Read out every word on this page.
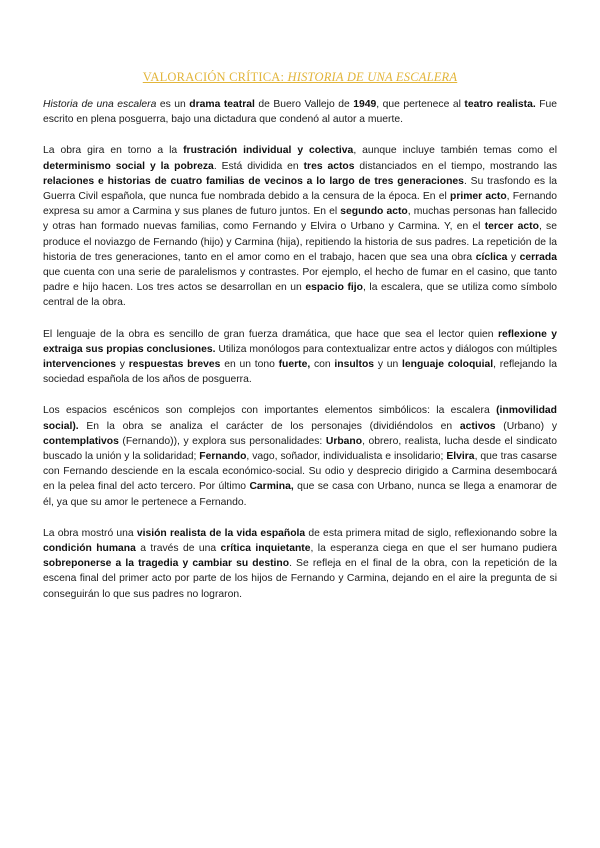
VALORACIÓN CRÍTICA: HISTORIA DE UNA ESCALERA

Historia de una escalera es un drama teatral de Buero Vallejo de 1949, que pertenece al teatro realista. Fue escrito en plena posguerra, bajo una dictadura que condenó al autor a muerte.

La obra gira en torno a la frustración individual y colectiva, aunque incluye también temas como el determinismo social y la pobreza. Está dividida en tres actos distanciados en el tiempo, mostrando las relaciones e historias de cuatro familias de vecinos a lo largo de tres generaciones. Su trasfondo es la Guerra Civil española, que nunca fue nombrada debido a la censura de la época. En el primer acto, Fernando expresa su amor a Carmina y sus planes de futuro juntos. En el segundo acto, muchas personas han fallecido y otras han formado nuevas familias, como Fernando y Elvira o Urbano y Carmina. Y, en el tercer acto, se produce el noviazgo de Fernando (hijo) y Carmina (hija), repitiendo la historia de sus padres. La repetición de la historia de tres generaciones, tanto en el amor como en el trabajo, hacen que sea una obra cíclica y cerrada que cuenta con una serie de paralelismos y contrastes. Por ejemplo, el hecho de fumar en el casino, que tanto padre e hijo hacen. Los tres actos se desarrollan en un espacio fijo, la escalera, que se utiliza como símbolo central de la obra.

El lenguaje de la obra es sencillo de gran fuerza dramática, que hace que sea el lector quien reflexione y extraiga sus propias conclusiones. Utiliza monólogos para contextualizar entre actos y diálogos con múltiples intervenciones y respuestas breves en un tono fuerte, con insultos y un lenguaje coloquial, reflejando la sociedad española de los años de posguerra.

Los espacios escénicos son complejos con importantes elementos simbólicos: la escalera (inmovilidad social). En la obra se analiza el carácter de los personajes (dividiéndolos en activos (Urbano) y contemplativos (Fernando)), y explora sus personalidades: Urbano, obrero, realista, lucha desde el sindicato buscado la unión y la solidaridad; Fernando, vago, soñador, individualista e insolidario; Elvira, que tras casarse con Fernando desciende en la escala económico-social. Su odio y desprecio dirigido a Carmina desembocará en la pelea final del acto tercero. Por último Carmina, que se casa con Urbano, nunca se llega a enamorar de él, ya que su amor le pertenece a Fernando.

La obra mostró una visión realista de la vida española de esta primera mitad de siglo, reflexionando sobre la condición humana a través de una crítica inquietante, la esperanza ciega en que el ser humano pudiera sobreponerse a la tragedia y cambiar su destino. Se refleja en el final de la obra, con la repetición de la escena final del primer acto por parte de los hijos de Fernando y Carmina, dejando en el aire la pregunta de si conseguirán lo que sus padres no lograron.
